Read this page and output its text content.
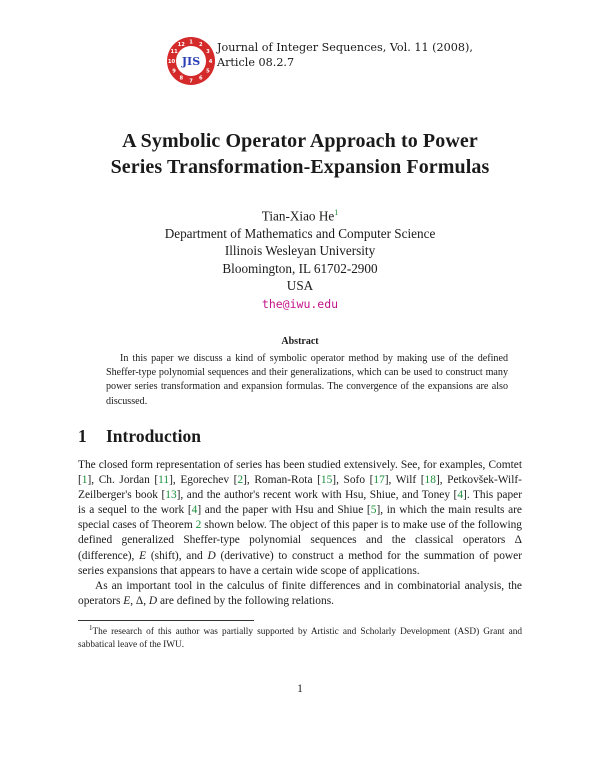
1 2
3
4
5
6
7
8
9
10
11
12
JIS
Journal of Integer Sequences, Vol. 11 (2008),
Article 08.2.7
A Symbolic Operator Approach to Power
Series Transformation-Expansion Formulas
Tian-Xiao He$^1$
Department of Mathematics and Computer Science
Illinois Wesleyan University
Bloomington, IL 61702-2900
USA
the@iwu.edu
Abstract
In this paper we discuss a kind of symbolic operator method by making use of the defined Sheffer-type polynomial sequences and their generalizations, which can be used to construct many power series transformation and expansion formulas. The convergence of the expansions are also discussed.
1 Introduction

The closed form representation of series has been studied extensively. See, for examples, Comtet [1], Ch. Jordan [11], Egorechev [2], Roman-Rota [15], Sofo [17], Wilf [18], Petkovšek-Wilf-Zeilberger's book [13], and the author's recent work with Hsu, Shiue, and Toney [4]. This paper is a sequel to the work [4] and the paper with Hsu and Shiue [5], in which the main results are special cases of Theorem 2 shown below. The object of this paper is to make use of the following defined generalized Sheffer-type polynomial sequences and the classical operators Δ (difference), E (shift), and D (derivative) to construct a method for the summation of power series expansions that appears to have a certain wide scope of applications.

As an important tool in the calculus of finite differences and in combinatorial analysis, the operators E, Δ, D are defined by the following relations.

$^1$The research of this author was partially supported by Artistic and Scholarly Development (ASD) Grant and sabbatical leave of the IWU.
1
